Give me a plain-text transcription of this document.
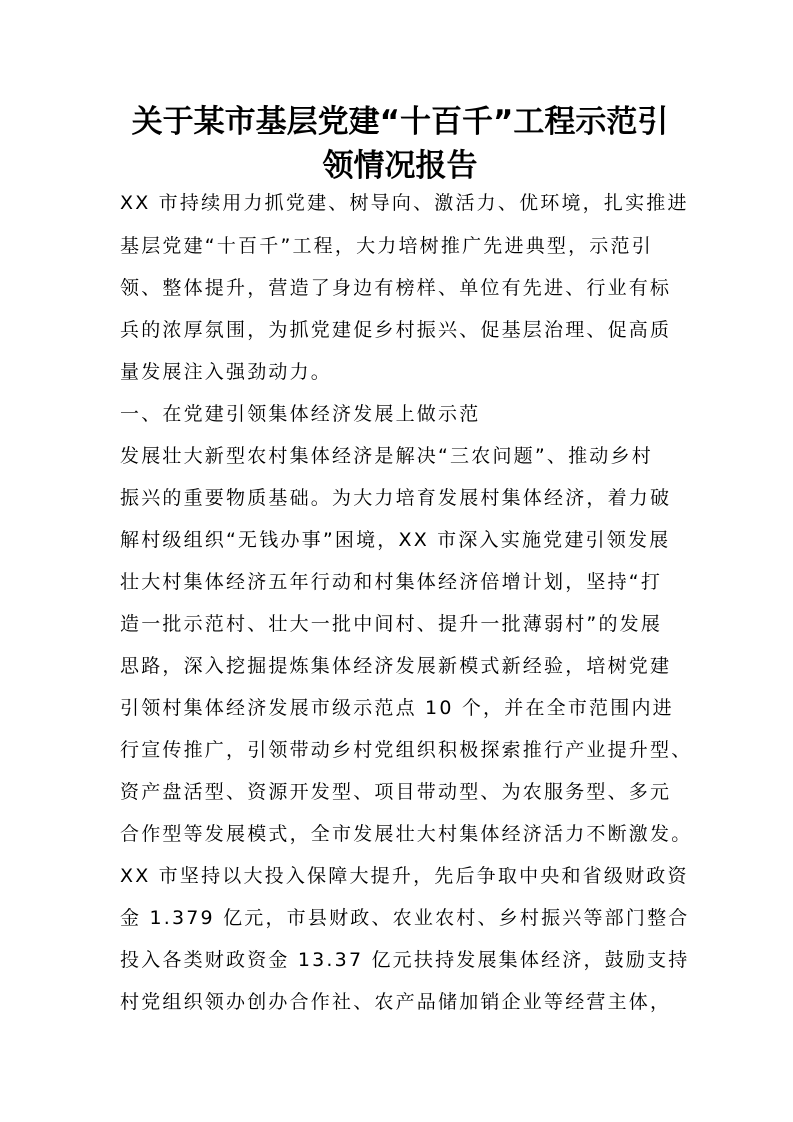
关于某市基层党建“十百千”工程示范引
领情况报告
XX 市持续用力抓党建、树导向、激活力、优环境，扎实推进
基层党建“十百千”工程，大力培树推广先进典型，示范引
领、整体提升，营造了身边有榜样、单位有先进、行业有标
兵的浓厚氛围，为抓党建促乡村振兴、促基层治理、促高质
量发展注入强劲动力。
一、在党建引领集体经济发展上做示范
发展壮大新型农村集体经济是解决“三农问题”、推动乡村
振兴的重要物质基础。为大力培育发展村集体经济，着力破
解村级组织“无钱办事”困境，XX 市深入实施党建引领发展
壮大村集体经济五年行动和村集体经济倍增计划，坚持“打
造一批示范村、壮大一批中间村、提升一批薄弱村”的发展
思路，深入挖掘提炼集体经济发展新模式新经验，培树党建
引领村集体经济发展市级示范点 10 个，并在全市范围内进
行宣传推广，引领带动乡村党组织积极探索推行产业提升型、
资产盘活型、资源开发型、项目带动型、为农服务型、多元
合作型等发展模式，全市发展壮大村集体经济活力不断激发。
XX 市坚持以大投入保障大提升，先后争取中央和省级财政资
金 1.379 亿元，市县财政、农业农村、乡村振兴等部门整合
投入各类财政资金 13.37 亿元扶持发展集体经济，鼓励支持
村党组织领办创办合作社、农产品储加销企业等经营主体，
